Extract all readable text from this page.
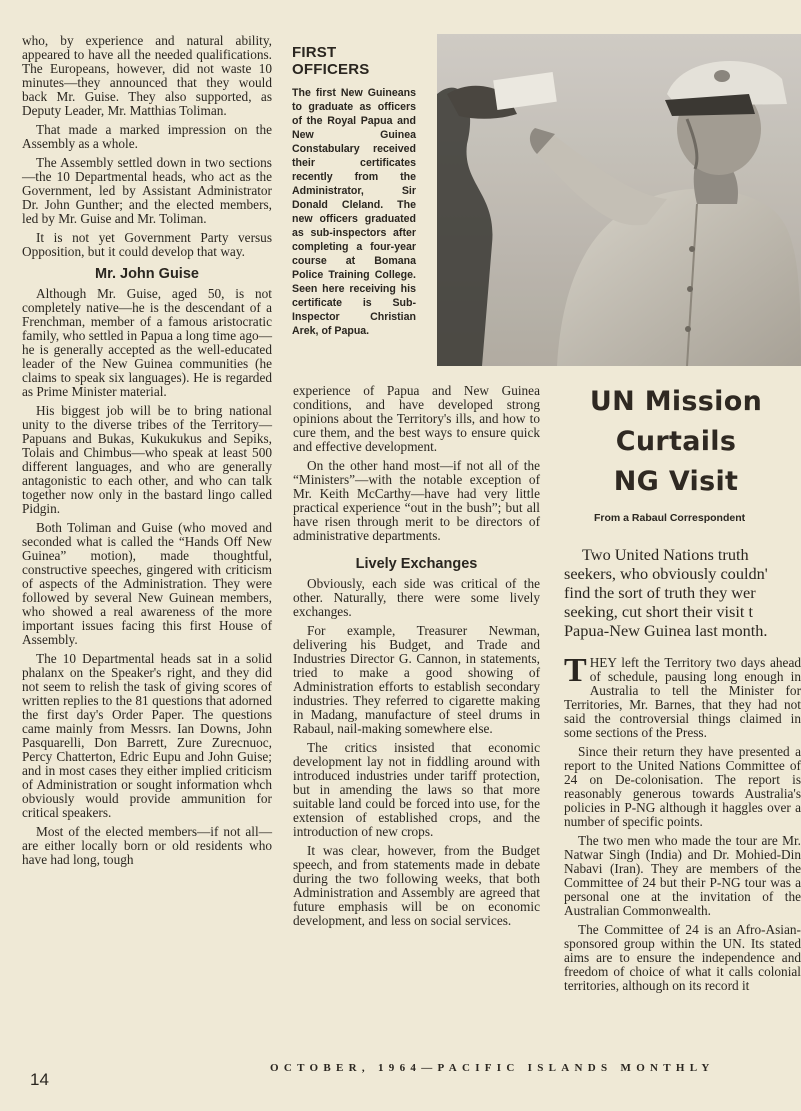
who, by experience and natural ability, appeared to have all the needed qualifications. The Europeans, however, did not waste 10 minutes—they announced that they would back Mr. Guise. They also supported, as Deputy Leader, Mr. Matthias Toliman.

That made a marked impression on the Assembly as a whole.

The Assembly settled down in two sections—the 10 Departmental heads, who act as the Government, led by Assistant Administrator Dr. John Gunther; and the elected members, led by Mr. Guise and Mr. Toliman.

It is not yet Government Party versus Opposition, but it could develop that way.

Mr. John Guise

Although Mr. Guise, aged 50, is not completely native—he is the descendant of a Frenchman, member of a famous aristocratic family, who settled in Papua a long time ago—he is generally accepted as the well-educated leader of the New Guinea communities (he claims to speak six languages). He is regarded as Prime Minister material.

His biggest job will be to bring national unity to the diverse tribes of the Territory—Papuans and Bukas, Kukukukus and Sepiks, Tolais and Chimbus—who speak at least 500 different languages, and who are generally antagonistic to each other, and who can talk together now only in the bastard lingo called Pidgin.

Both Toliman and Guise (who moved and seconded what is called the “Hands Off New Guinea” motion), made thoughtful, constructive speeches, gingered with criticism of aspects of the Administration. They were followed by several New Guinean members, who showed a real awareness of the more important issues facing this first House of Assembly.

The 10 Departmental heads sat in a solid phalanx on the Speaker's right, and they did not seem to relish the task of giving scores of written replies to the 81 questions that adorned the first day's Order Paper. The questions came mainly from Messrs. Ian Downs, John Pasquarelli, Don Barrett, Zure Zurecnuoc, Percy Chatterton, Edric Eupu and John Guise; and in most cases they either implied criticism of Administration or sought information whch obviously would provide ammunition for critical speakers.

Most of the elected members—if not all—are either locally born or old residents who have had long, tough

FIRST OFFICERS

The first New Guineans to graduate as officers of the Royal Papua and New Guinea Constabulary received their certificates recently from the Administrator, Sir Donald Cleland. The new officers graduated as sub-inspectors after completing a four-year course at Bomana Police Training College. Seen here receiving his certificate is Sub-Inspector Christian Arek, of Papua.

experience of Papua and New Guinea conditions, and have developed strong opinions about the Territory's ills, and how to cure them, and the best ways to ensure quick and effective development.

On the other hand most—if not all of the “Ministers”—with the notable exception of Mr. Keith McCarthy—have had very little practical experience “out in the bush”; but all have risen through merit to be directors of administrative departments.

Lively Exchanges

Obviously, each side was critical of the other. Naturally, there were some lively exchanges.

For example, Treasurer Newman, delivering his Budget, and Trade and Industries Director G. Cannon, in statements, tried to make a good showing of Administration efforts to establish secondary industries. They referred to cigarette making in Madang, manufacture of steel drums in Rabaul, nail-making somewhere else.

The critics insisted that economic development lay not in fiddling around with introduced industries under tariff protection, but in amending the laws so that more suitable land could be forced into use, for the extension of established crops, and the introduction of new crops.

It was clear, however, from the Budget speech, and from statements made in debate during the two following weeks, that both Administration and Assembly are agreed that future emphasis will be on economic development, and less on social services.

UN Mission
Curtails
NG Visit
From a Rabaul Correspondent
Two United Nations truth
seekers, who obviously couldn'
find the sort of truth they wer
seeking, cut short their visit t
Papua-New Guinea last month.

THEY left the Territory two days ahead of schedule, pausing long enough in Australia to tell the Minister for Territories, Mr. Barnes, that they had not said the controversial things claimed in some sections of the Press.

Since their return they have presented a report to the United Nations Committee of 24 on De-colonisation. The report is reasonably generous towards Australia's policies in P-NG although it haggles over a number of specific points.

The two men who made the tour are Mr. Natwar Singh (India) and Dr. Mohied-Din Nabavi (Iran). They are members of the Committee of 24 but their P-NG tour was a personal one at the invitation of the Australian Commonwealth.

The Committee of 24 is an Afro-Asian-sponsored group within the UN. Its stated aims are to ensure the independence and freedom of choice of what it calls colonial territories, although on its record it

14
OCTOBER, 1964—PACIFIC ISLANDS MONTHLY
